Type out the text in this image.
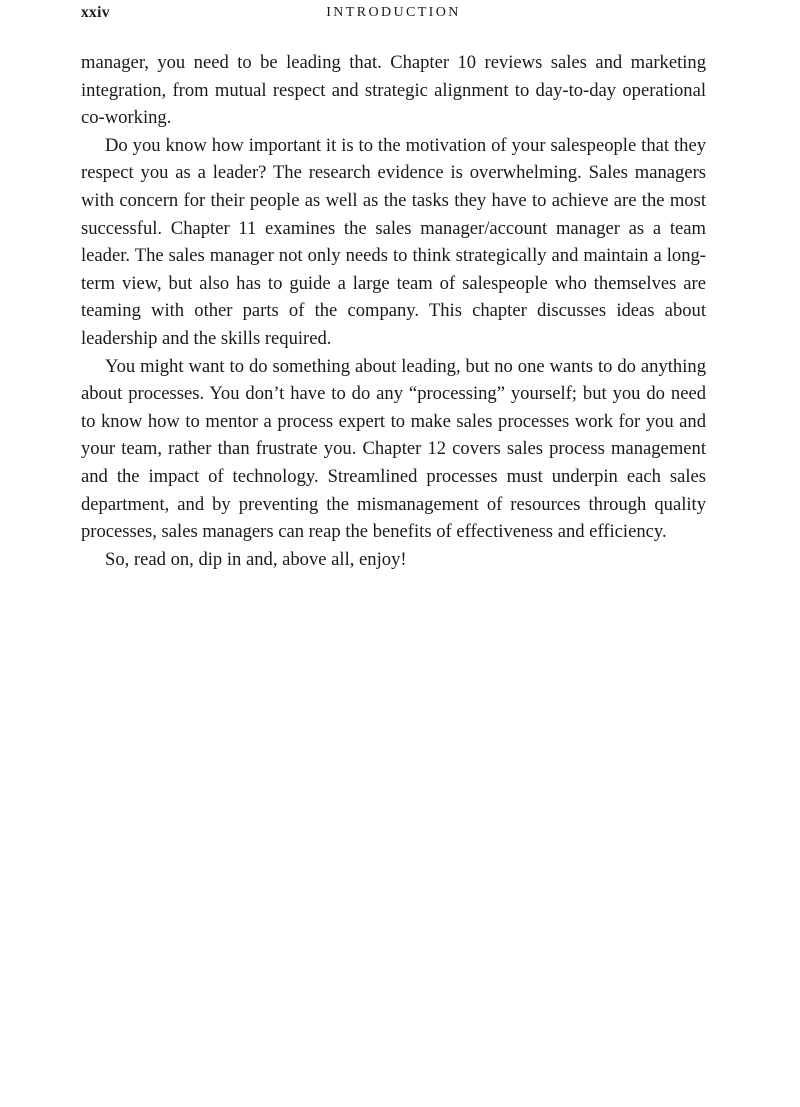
xxiv	INTRODUCTION

manager, you need to be leading that. Chapter 10 reviews sales and marketing integration, from mutual respect and strategic alignment to day-to-day operational co-working.

Do you know how important it is to the motivation of your salespeople that they respect you as a leader? The research evidence is overwhelming. Sales managers with concern for their people as well as the tasks they have to achieve are the most successful. Chapter 11 examines the sales manager/​account manager as a team leader. The sales manager not only needs to think strategically and maintain a long-term view, but also has to guide a large team of salespeople who themselves are teaming with other parts of the company. This chapter discusses ideas about leadership and the skills required.

You might want to do something about leading, but no one wants to do anything about processes. You don’t have to do any “processing” yourself; but you do need to know how to mentor a process expert to make sales processes work for you and your team, rather than frustrate you. Chapter 12 covers sales process management and the impact of technology. Streamlined processes must underpin each sales department, and by preventing the mismanagement of resources through quality processes, sales managers can reap the benefits of effectiveness and efficiency.

So, read on, dip in and, above all, enjoy!
